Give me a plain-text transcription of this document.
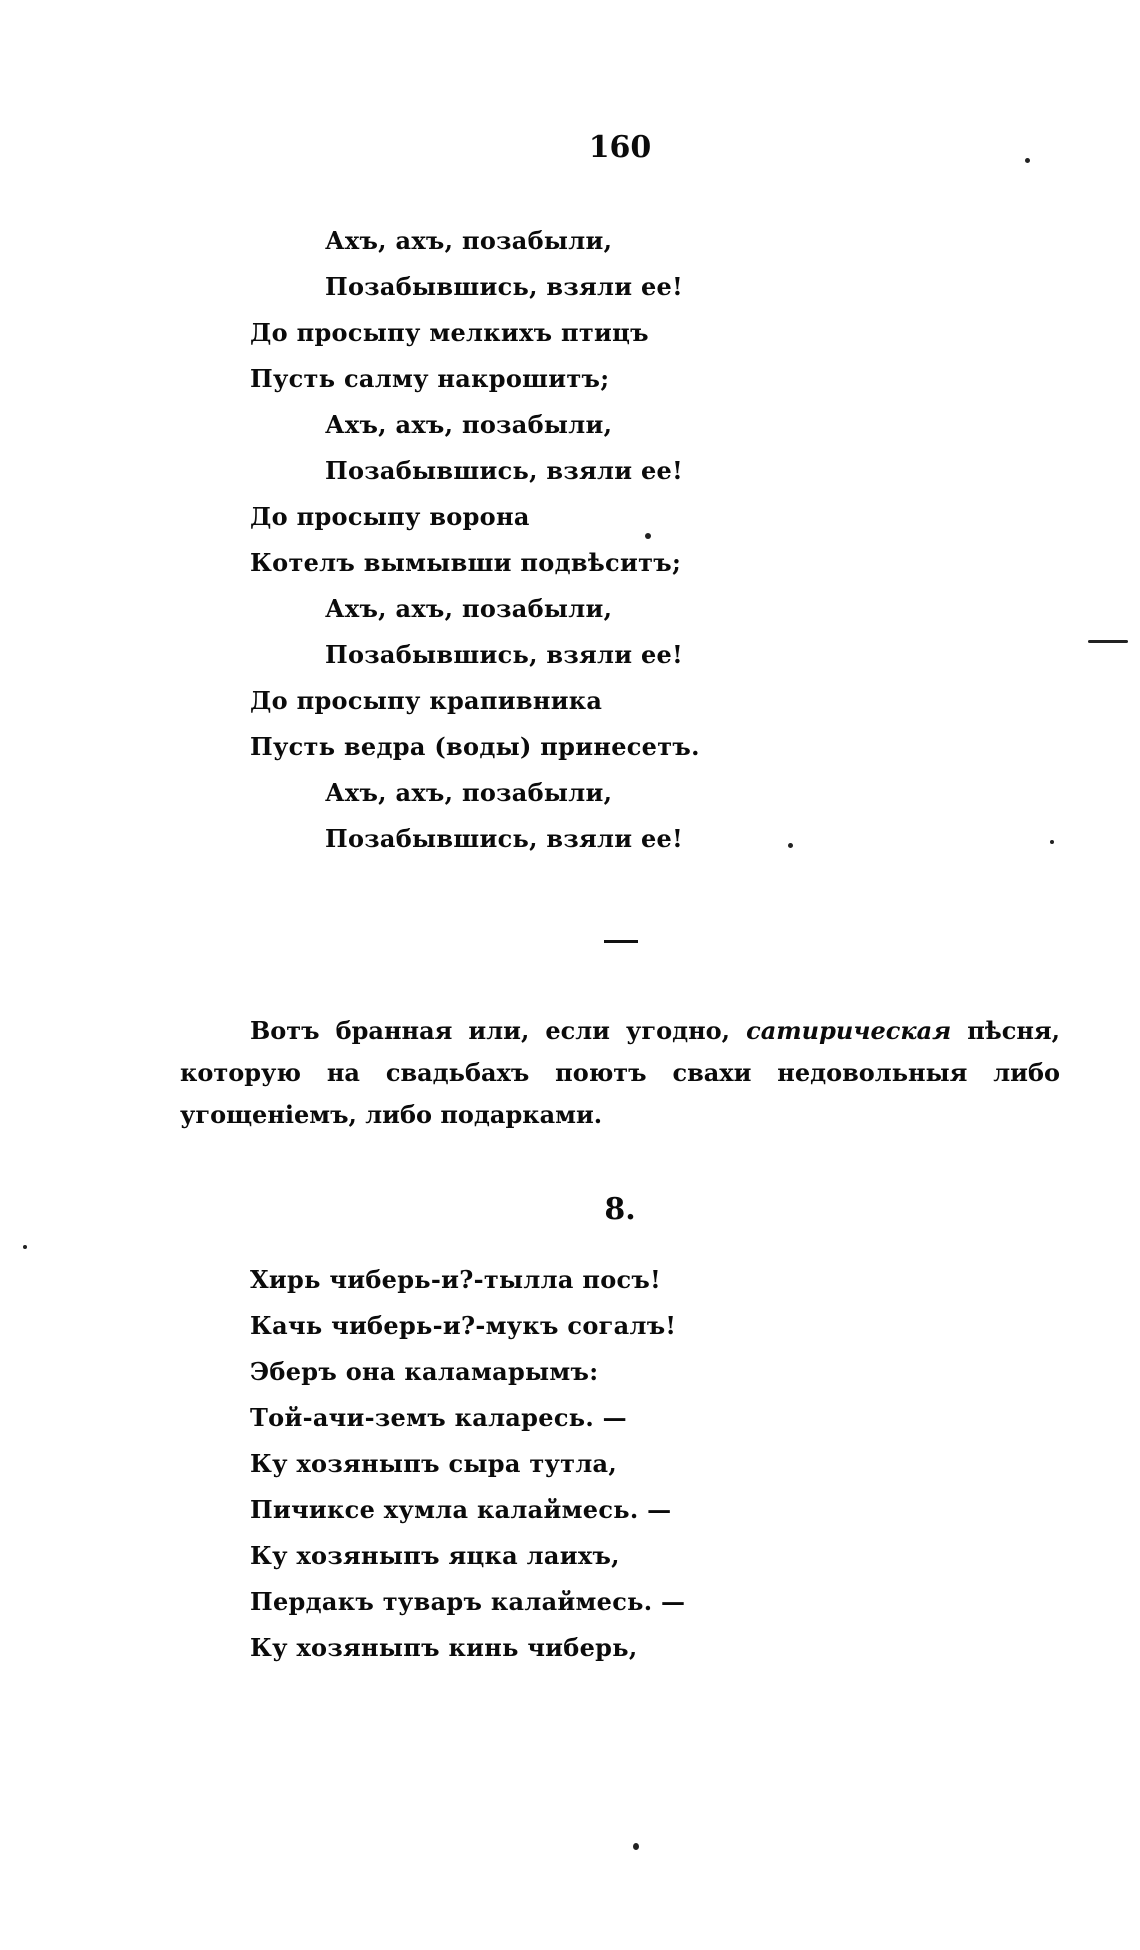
160
Ахъ, ахъ, позабыли,
Позабывшись, взяли ее!
До просыпу мелкихъ птицъ
Пусть салму накрошитъ;
Ахъ, ахъ, позабыли,
Позабывшись, взяли ее!
До просыпу ворона
Котелъ вымывши подвѣситъ;
Ахъ, ахъ, позабыли,
Позабывшись, взяли ее!
До просыпу крапивника
Пусть ведра (воды) принесетъ.
Ахъ, ахъ, позабыли,
Позабывшись, взяли ее!

Вотъ бранная или, если угодно, сатирическая пѣсня, которую на свадьбахъ поютъ свахи недовольныя либо угощеніемъ, либо подарками.

8.
Хирь чиберь-и?-тылла посъ!
Качь чиберь-и?-мукъ согалъ!
Эберъ она каламарымъ:
Той-ачи-земъ каларесь. —
Ку хозяныпъ сыра тутла,
Пичиксе хумла калаймесь. —
Ку хозяныпъ яцка лаихъ,
Пердакъ туваръ калаймесь. —
Ку хозяныпъ кинь чиберь,
